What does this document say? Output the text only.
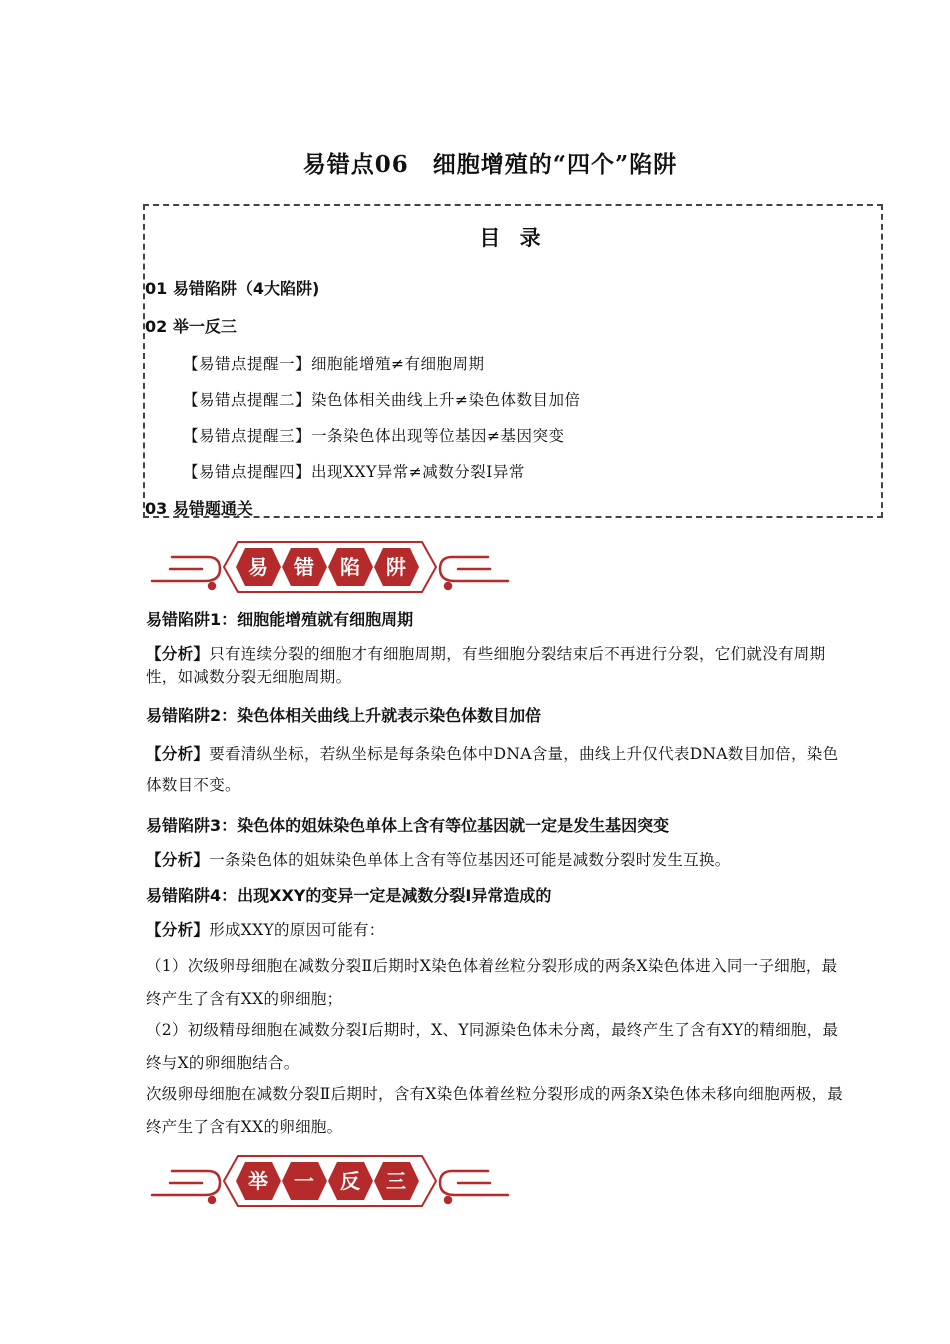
易错点06　细胞增殖的“四个”陷阱
目 录
01 易错陷阱（4大陷阱)
02 举一反三
【易错点提醒一】细胞能增殖≠有细胞周期
【易错点提醒二】染色体相关曲线上升≠染色体数目加倍
【易错点提醒三】一条染色体出现等位基因≠基因突变
【易错点提醒四】出现XXY异常≠减数分裂Ⅰ异常
03 易错题通关
易 错 陷 阱
易错陷阱1：细胞能增殖就有细胞周期
【分析】只有连续分裂的细胞才有细胞周期，有些细胞分裂结束后不再进行分裂，它们就没有周期性，如减数分裂无细胞周期。
易错陷阱2：染色体相关曲线上升就表示染色体数目加倍
【分析】要看清纵坐标，若纵坐标是每条染色体中DNA含量，曲线上升仅代表DNA数目加倍，染色体数目不变。
易错陷阱3：染色体的姐妹染色单体上含有等位基因就一定是发生基因突变
【分析】一条染色体的姐妹染色单体上含有等位基因还可能是减数分裂时发生互换。
易错陷阱4：出现XXY的变异一定是减数分裂Ⅰ异常造成的
【分析】形成XXY的原因可能有：
（1）次级卵母细胞在减数分裂Ⅱ后期时X染色体着丝粒分裂形成的两条X染色体进入同一子细胞，最终产生了含有XX的卵细胞；
（2）初级精母细胞在减数分裂Ⅰ后期时，X、Y同源染色体未分离，最终产生了含有XY的精细胞，最终与X的卵细胞结合。
次级卵母细胞在减数分裂Ⅱ后期时，含有X染色体着丝粒分裂形成的两条X染色体未移向细胞两极，最终产生了含有XX的卵细胞。
举 一 反 三
